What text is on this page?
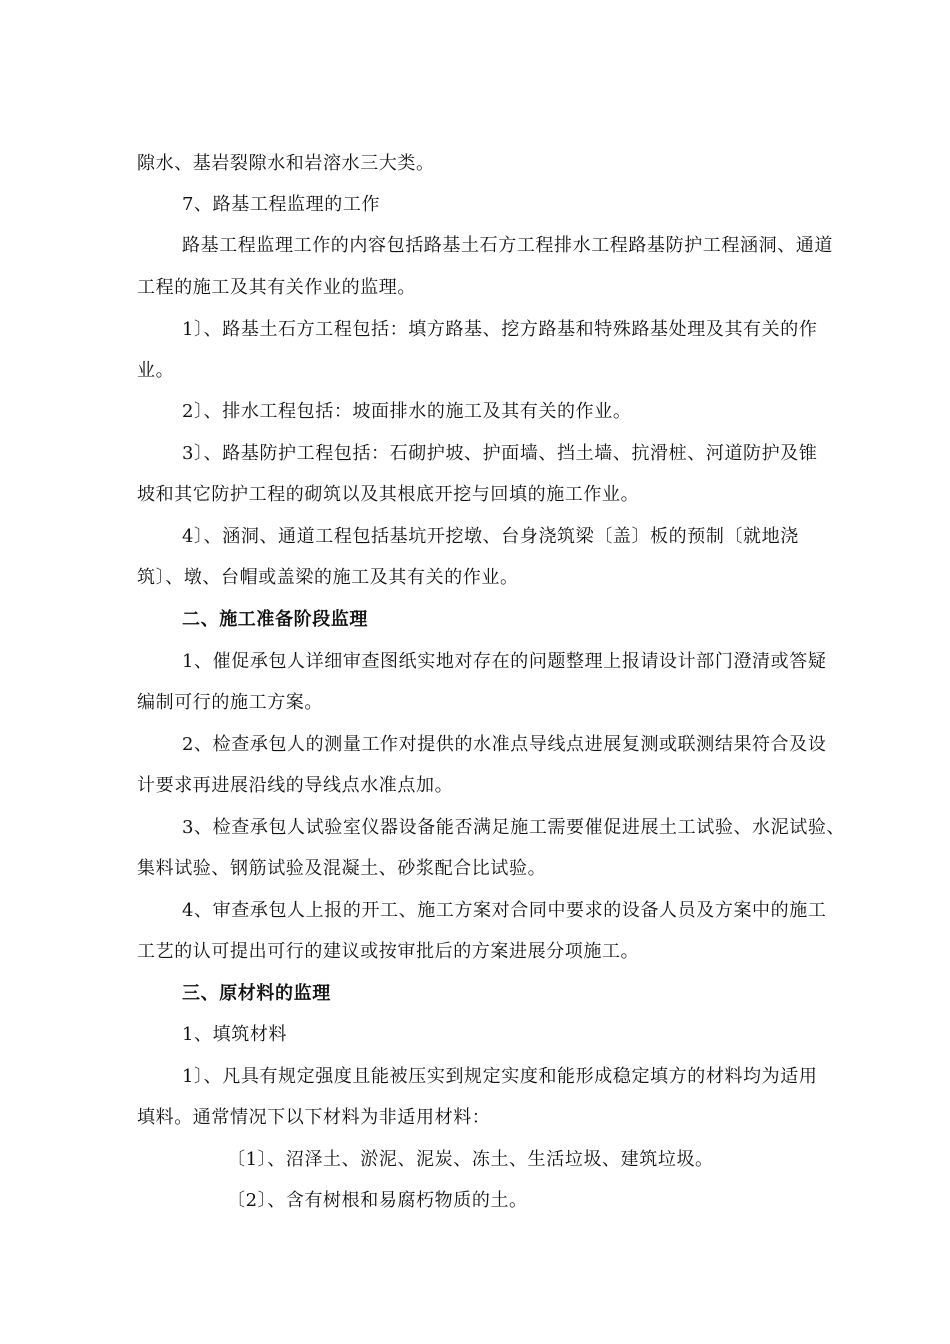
隙水、基岩裂隙水和岩溶水三大类。
7、路基工程监理的工作
路基工程监理工作的内容包括路基土石方工程排水工程路基防护工程涵洞、通道
工程的施工及其有关作业的监理。
1〕、路基土石方工程包括：填方路基、挖方路基和特殊路基处理及其有关的作
业。
2〕、排水工程包括：坡面排水的施工及其有关的作业。
3〕、路基防护工程包括：石砌护坡、护面墙、挡土墙、抗滑桩、河道防护及锥
坡和其它防护工程的砌筑以及其根底开挖与回填的施工作业。
4〕、涵洞、通道工程包括基坑开挖墩、台身浇筑梁〔盖〕板的预制〔就地浇
筑〕、墩、台帽或盖梁的施工及其有关的作业。
二、施工准备阶段监理
1、催促承包人详细审查图纸实地对存在的问题整理上报请设计部门澄清或答疑
编制可行的施工方案。
2、检查承包人的测量工作对提供的水准点导线点进展复测或联测结果符合及设
计要求再进展沿线的导线点水准点加。
3、检查承包人试验室仪器设备能否满足施工需要催促进展土工试验、水泥试验、
集料试验、钢筋试验及混凝土、砂浆配合比试验。
4、审查承包人上报的开工、施工方案对合同中要求的设备人员及方案中的施工
工艺的认可提出可行的建议或按审批后的方案进展分项施工。
三、原材料的监理
1、填筑材料
1〕、凡具有规定强度且能被压实到规定实度和能形成稳定填方的材料均为适用
填料。通常情况下以下材料为非适用材料：
〔1〕、沼泽土、淤泥、泥炭、冻土、生活垃圾、建筑垃圾。
〔2〕、含有树根和易腐朽物质的土。
